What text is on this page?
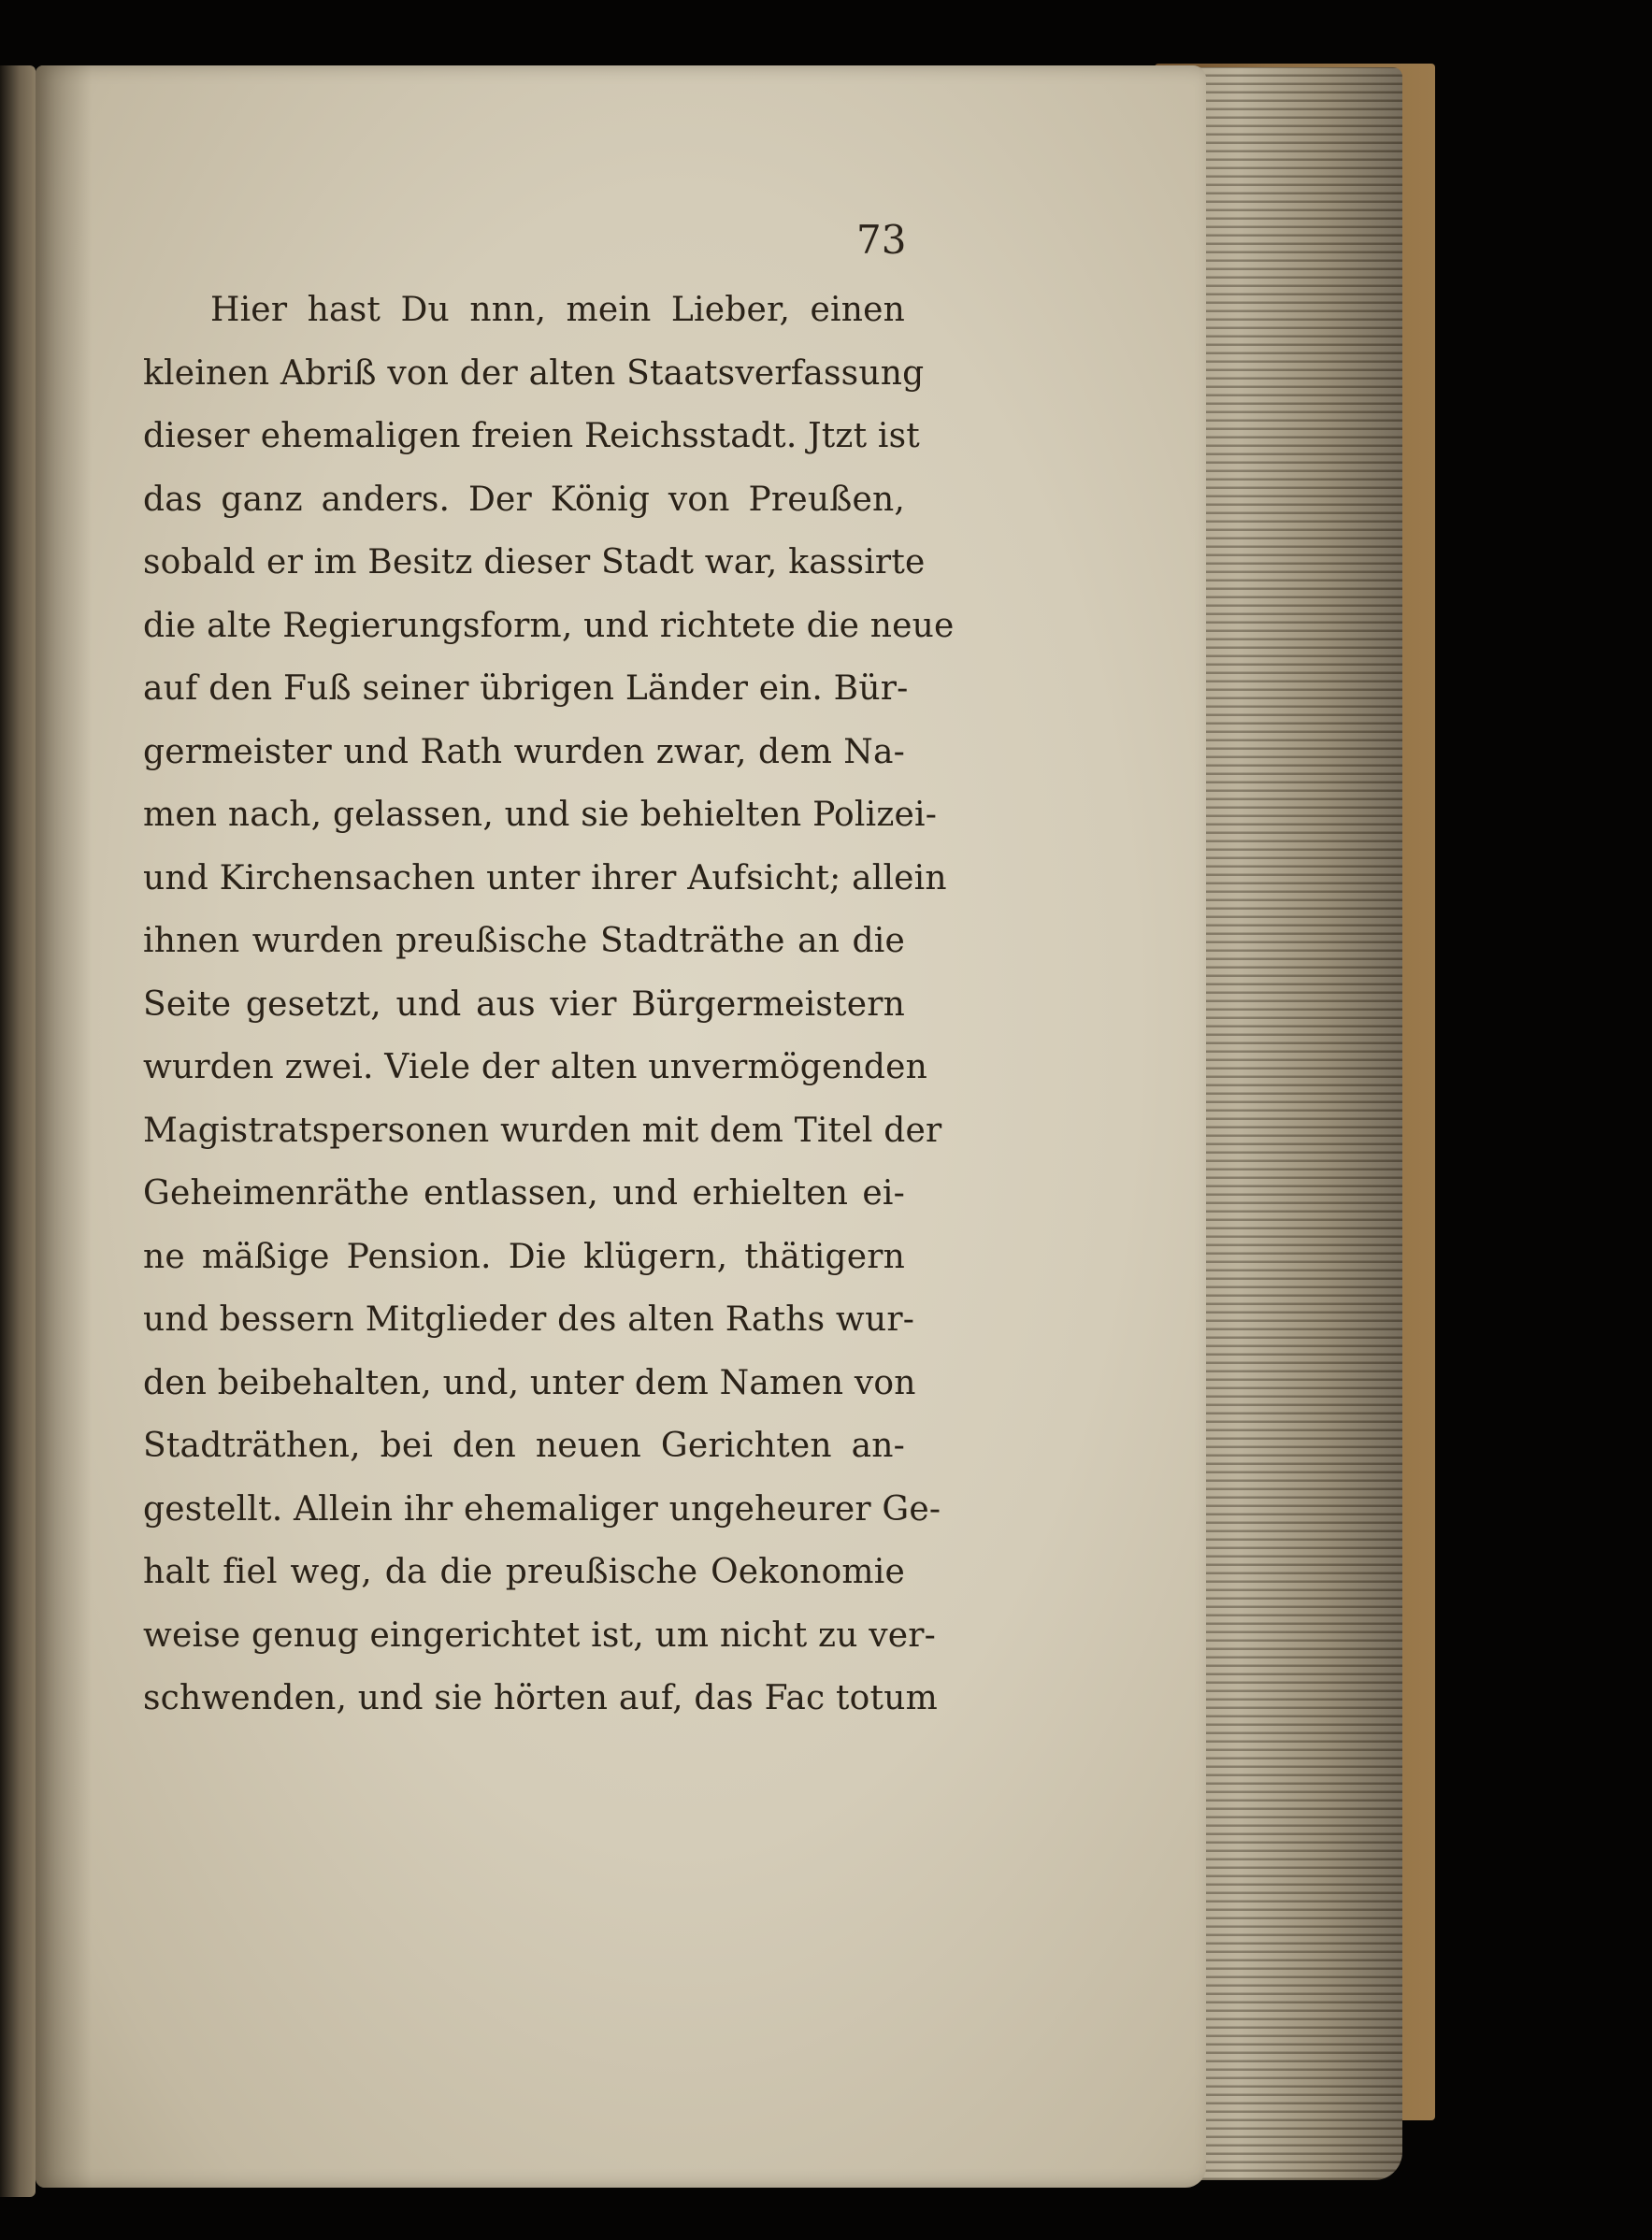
73
Hier hast Du nnn, mein Lieber, einen
kleinen Abriß von der alten Staatsverfassung
dieser ehemaligen freien Reichsstadt. Jtzt ist
das ganz anders. Der König von Preußen,
sobald er im Besitz dieser Stadt war, kassirte
die alte Regierungsform, und richtete die neue
auf den Fuß seiner übrigen Länder ein. Bür-
germeister und Rath wurden zwar, dem Na-
men nach, gelassen, und sie behielten Polizei-
und Kirchensachen unter ihrer Aufsicht; allein
ihnen wurden preußische Stadträthe an die
Seite gesetzt, und aus vier Bürgermeistern
wurden zwei. Viele der alten unvermögenden
Magistratspersonen wurden mit dem Titel der
Geheimenräthe entlassen, und erhielten ei-
ne mäßige Pension. Die klügern, thätigern
und bessern Mitglieder des alten Raths wur-
den beibehalten, und, unter dem Namen von
Stadträthen, bei den neuen Gerichten an-
gestellt. Allein ihr ehemaliger ungeheurer Ge-
halt fiel weg, da die preußische Oekonomie
weise genug eingerichtet ist, um nicht zu ver-
schwenden, und sie hörten auf, das Fac totum
